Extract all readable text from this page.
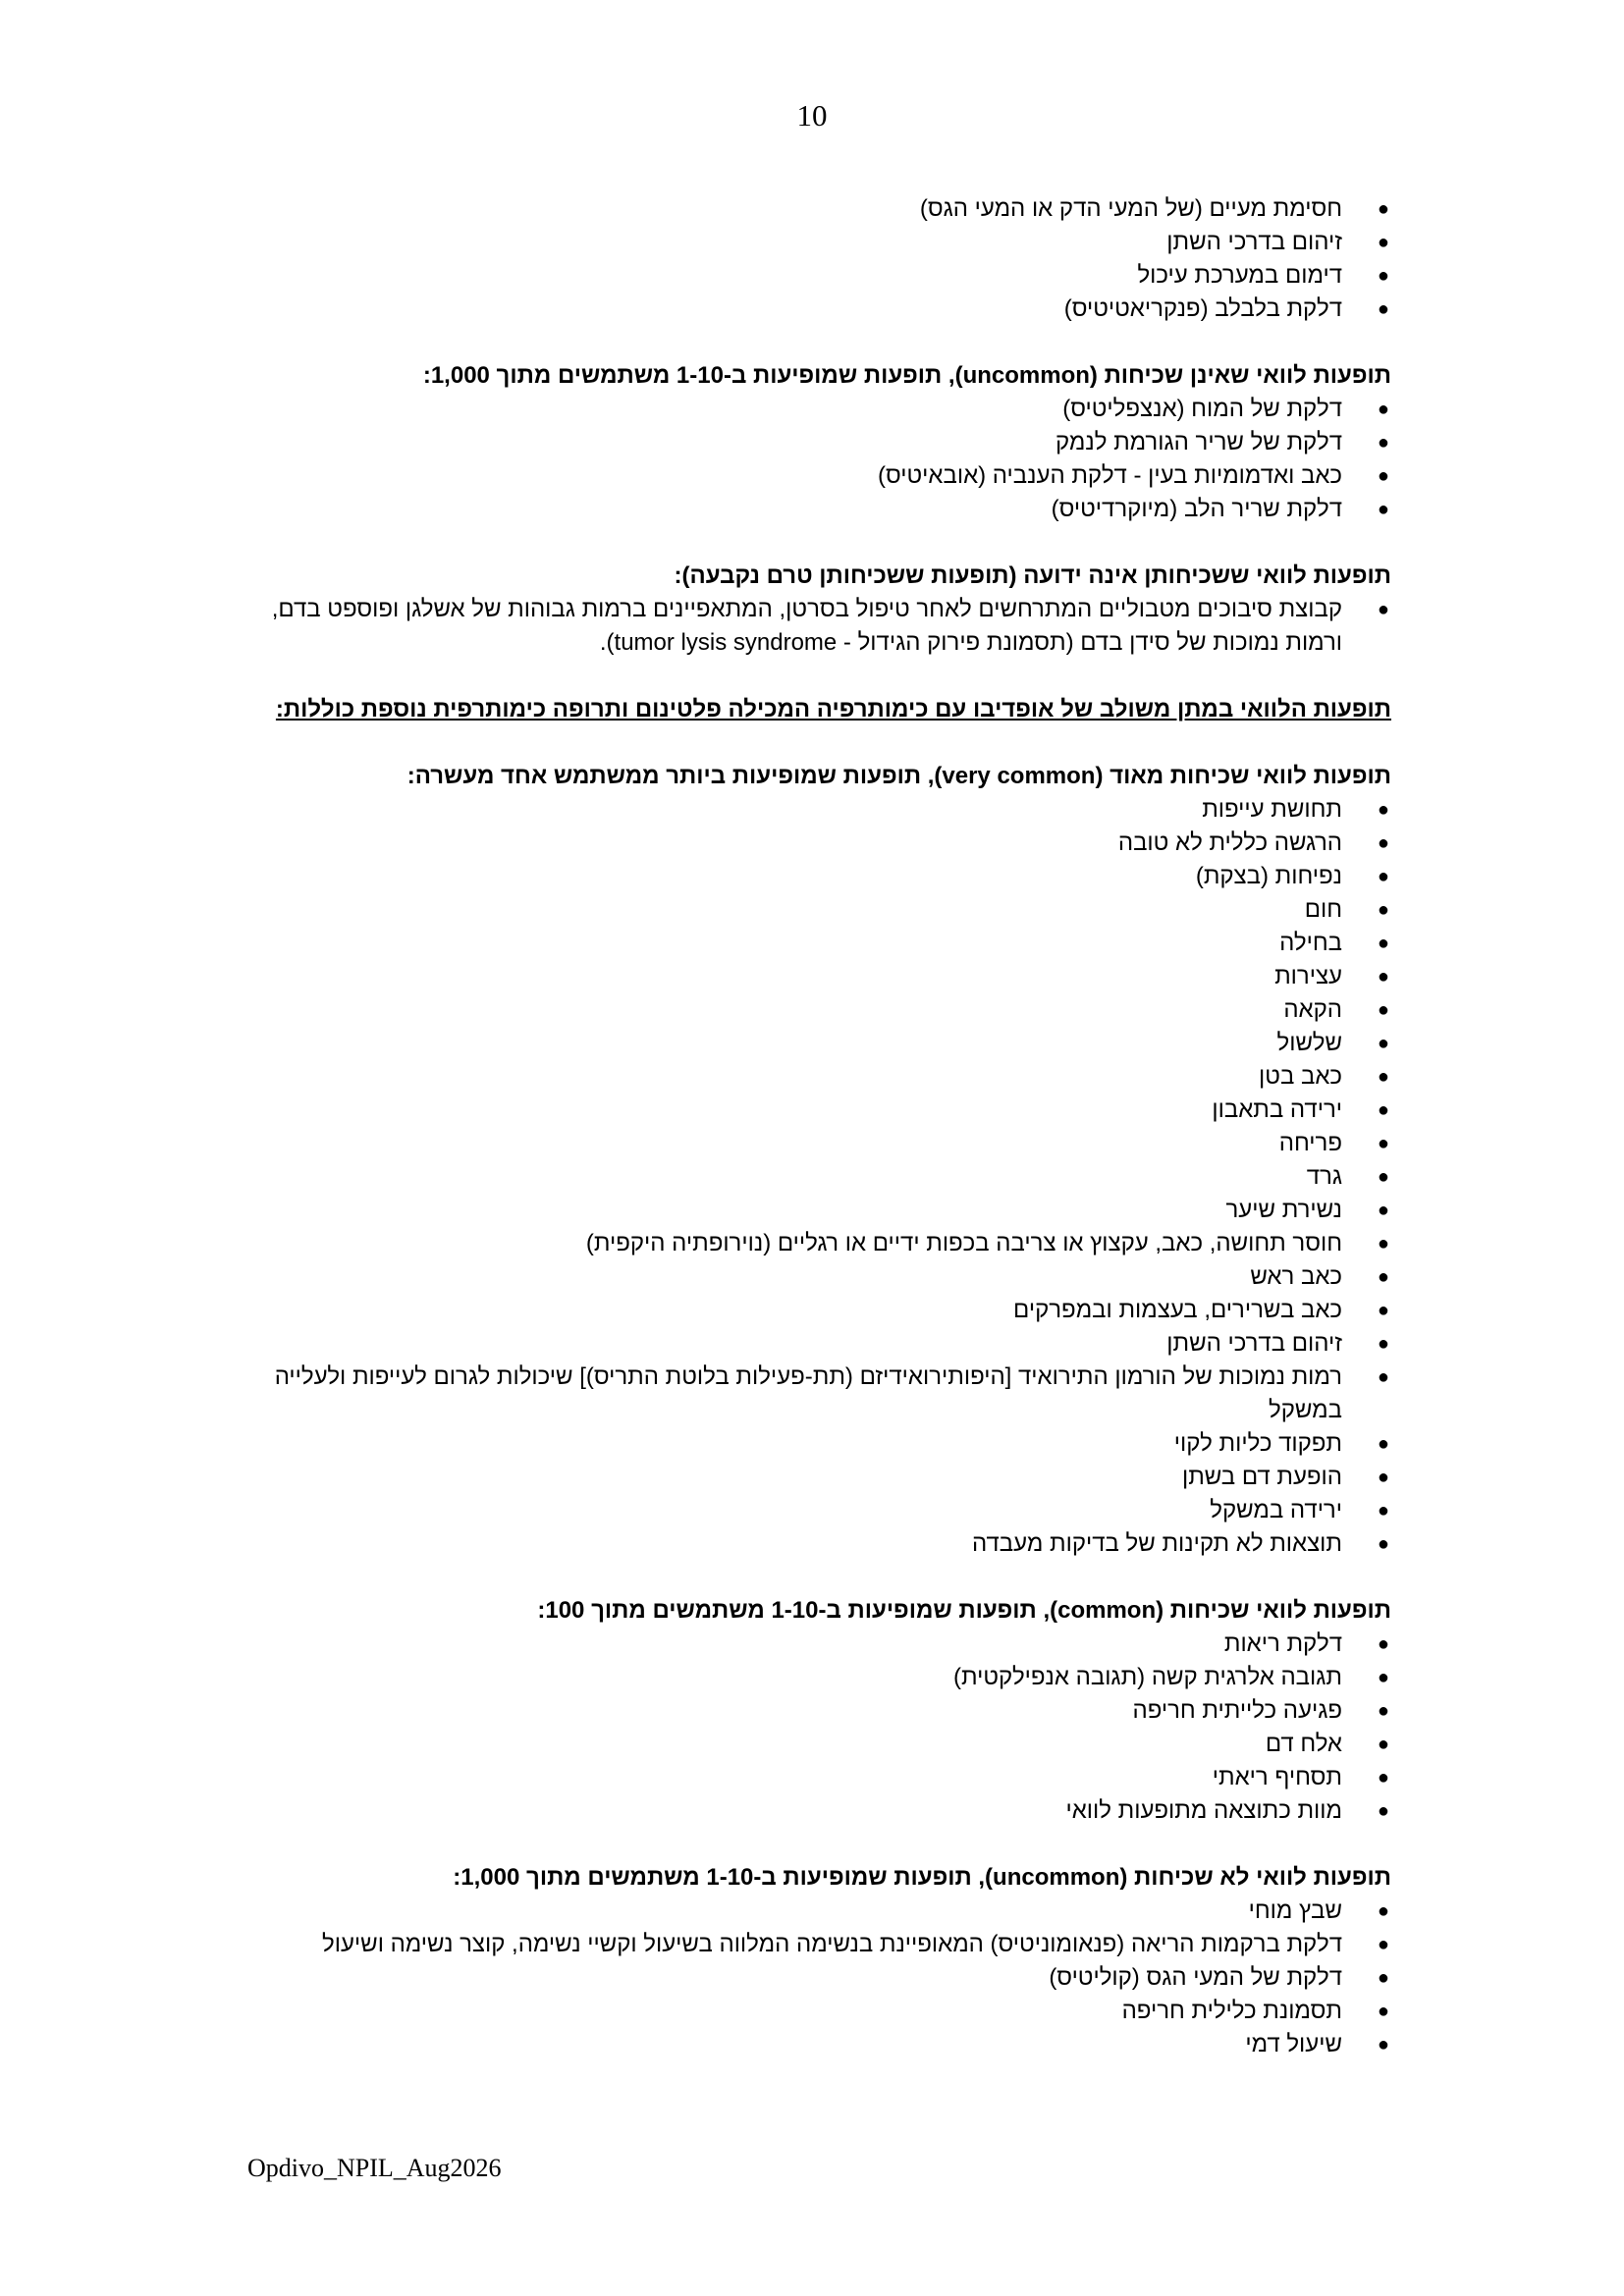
10
●
חסימת מעיים (של המעי הדק או המעי הגס)
●
זיהום בדרכי השתן
●
דימום במערכת עיכול
●
דלקת בלבלב (פנקריאטיטיס)
תופעות לוואי שאינן שכיחות (uncommon), תופעות שמופיעות ב-1-10 משתמשים מתוך 1,000:
●
דלקת של המוח (אנצפליטיס)
●
דלקת של שריר הגורמת לנמק
●
כאב ואדמומיות בעין - דלקת הענביה (אובאיטיס)
●
דלקת שריר הלב (מיוקרדיטיס)
תופעות לוואי ששכיחותן אינה ידועה (תופעות ששכיחותן טרם נקבעה):
●
קבוצת סיבוכים מטבוליים המתרחשים לאחר טיפול בסרטן, המתאפיינים ברמות גבוהות של אשלגן ופוספט בדם, ורמות נמוכות של סידן בדם (תסמונת פירוק הגידול - tumor lysis syndrome).
תופעות הלוואי במתן משולב של אופדיבו עם כימותרפיה המכילה פלטינום ותרופה כימותרפית נוספת כוללות:
תופעות לוואי שכיחות מאוד (very common), תופעות שמופיעות ביותר ממשתמש אחד מעשרה:
●
תחושת עייפות
●
הרגשה כללית לא טובה
●
נפיחות (בצקת)
●
חום
●
בחילה
●
עצירות
●
הקאה
●
שלשול
●
כאב בטן
●
ירידה בתאבון
●
פריחה
●
גרד
●
נשירת שיער
●
חוסר תחושה, כאב, עקצוץ או צריבה בכפות ידיים או רגליים (נוירופתיה היקפית)
●
כאב ראש
●
כאב בשרירים, בעצמות ובמפרקים
●
זיהום בדרכי השתן
●
רמות נמוכות של הורמון התירואיד [היפותירואידיזם (תת-פעילות בלוטת התריס)] שיכולות לגרום לעייפות ולעלייה במשקל
●
תפקוד כליות לקוי
●
הופעת דם בשתן
●
ירידה במשקל
●
תוצאות לא תקינות של בדיקות מעבדה
תופעות לוואי שכיחות (common), תופעות שמופיעות ב-1-10 משתמשים מתוך 100:
●
דלקת ריאות
●
תגובה אלרגית קשה (תגובה אנפילקטית)
●
פגיעה כלייתית חריפה
●
אלח דם
●
תסחיף ריאתי
●
מוות כתוצאה מתופעות לוואי
תופעות לוואי לא שכיחות (uncommon), תופעות שמופיעות ב-1-10 משתמשים מתוך 1,000:
●
שבץ מוחי
●
דלקת ברקמות הריאה (פנאומוניטיס) המאופיינת בנשימה המלווה בשיעול וקשיי נשימה, קוצר נשימה ושיעול
●
דלקת של המעי הגס (קוליטיס)
●
תסמונת כלילית חריפה
●
שיעול דמי
Opdivo_NPIL_Aug2026
